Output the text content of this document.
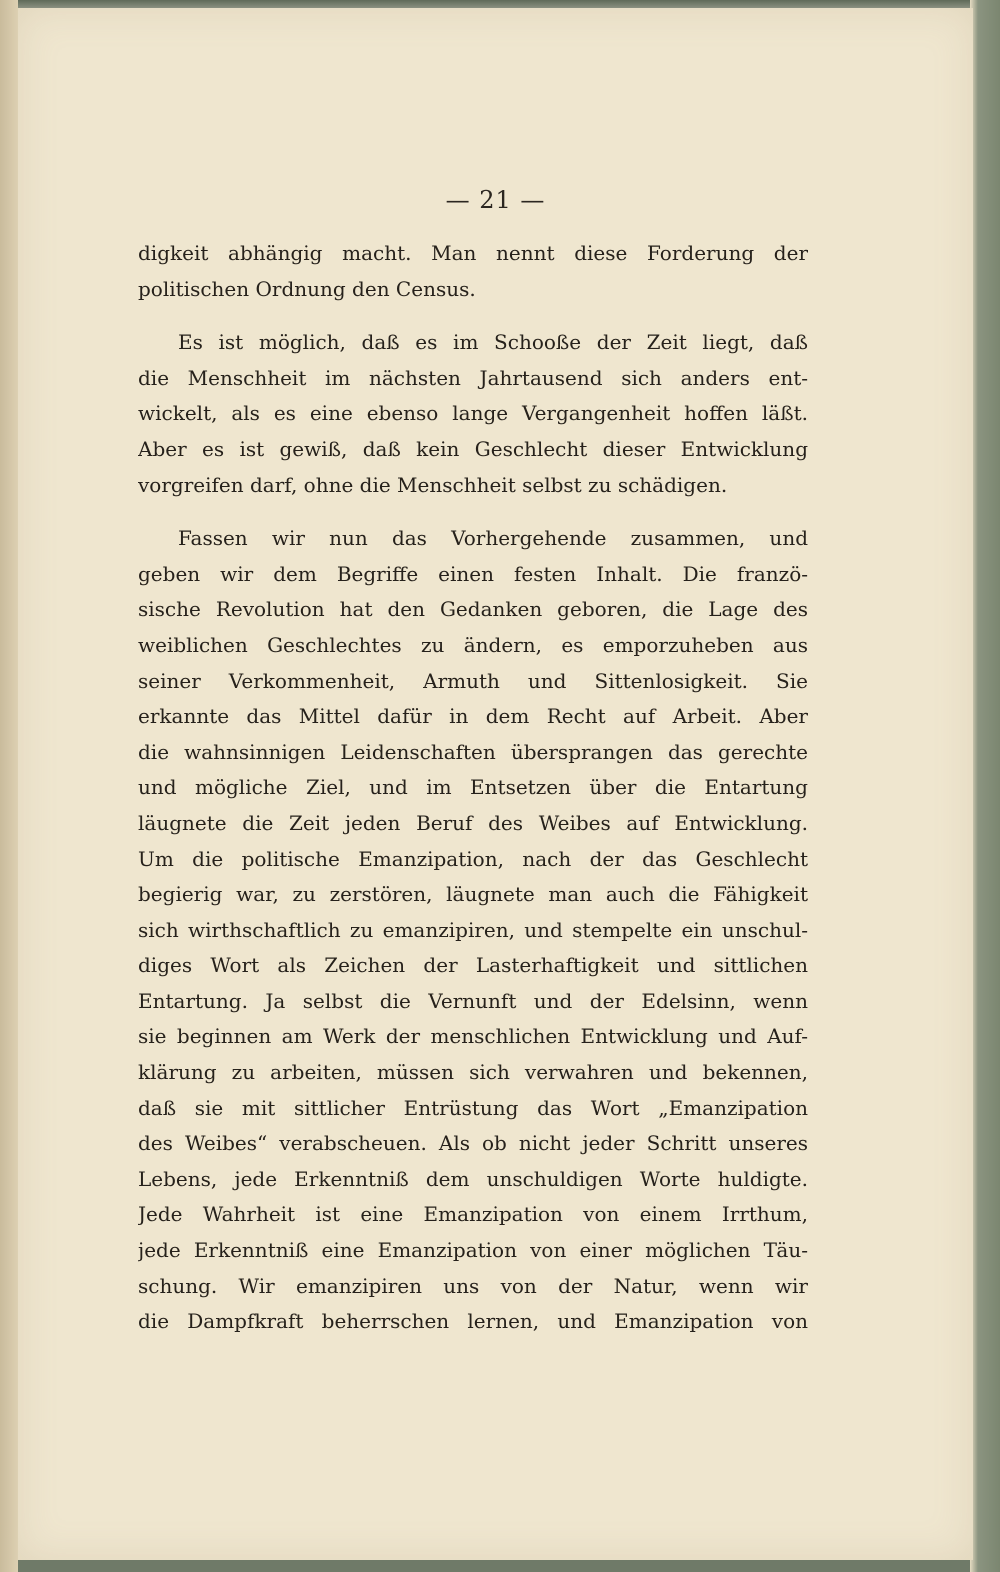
— 21 —
digkeit abhängig macht. Man nennt diese Forderung der
politischen Ordnung den Census.
Es ist möglich, daß es im Schooße der Zeit liegt, daß
die Menschheit im nächsten Jahrtausend sich anders ent-
wickelt, als es eine ebenso lange Vergangenheit hoffen läßt.
Aber es ist gewiß, daß kein Geschlecht dieser Entwicklung
vorgreifen darf, ohne die Menschheit selbst zu schädigen.
Fassen wir nun das Vorhergehende zusammen, und
geben wir dem Begriffe einen festen Inhalt. Die franzö-
sische Revolution hat den Gedanken geboren, die Lage des
weiblichen Geschlechtes zu ändern, es emporzuheben aus
seiner Verkommenheit, Armuth und Sittenlosigkeit. Sie
erkannte das Mittel dafür in dem Recht auf Arbeit. Aber
die wahnsinnigen Leidenschaften übersprangen das gerechte
und mögliche Ziel, und im Entsetzen über die Entartung
läugnete die Zeit jeden Beruf des Weibes auf Entwicklung.
Um die politische Emanzipation, nach der das Geschlecht
begierig war, zu zerstören, läugnete man auch die Fähigkeit
sich wirthschaftlich zu emanzipiren, und stempelte ein unschul-
diges Wort als Zeichen der Lasterhaftigkeit und sittlichen
Entartung. Ja selbst die Vernunft und der Edelsinn, wenn
sie beginnen am Werk der menschlichen Entwicklung und Auf-
klärung zu arbeiten, müssen sich verwahren und bekennen,
daß sie mit sittlicher Entrüstung das Wort „Emanzipation
des Weibes“ verabscheuen. Als ob nicht jeder Schritt unseres
Lebens, jede Erkenntniß dem unschuldigen Worte huldigte.
Jede Wahrheit ist eine Emanzipation von einem Irrthum,
jede Erkenntniß eine Emanzipation von einer möglichen Täu-
schung. Wir emanzipiren uns von der Natur, wenn wir
die Dampfkraft beherrschen lernen, und Emanzipation von
